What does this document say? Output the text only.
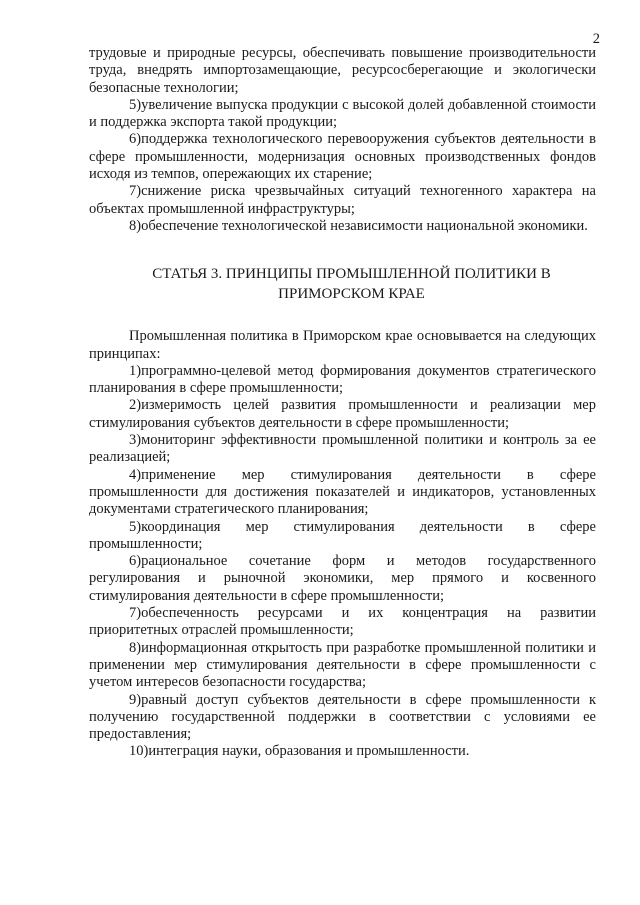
2

трудовые и природные ресурсы, обеспечивать повышение производительности труда, внедрять импортозамещающие, ресурсосберегающие и экологически безопасные технологии;

5)увеличение выпуска продукции с высокой долей добавленной стоимости и поддержка экспорта такой продукции;

6)поддержка технологического перевооружения субъектов деятельности в сфере промышленности, модернизация основных производственных фондов исходя из темпов, опережающих их старение;

7)снижение риска чрезвычайных ситуаций техногенного характера на объектах промышленной инфраструктуры;

8)обеспечение технологической независимости национальной экономики.

СТАТЬЯ 3. ПРИНЦИПЫ ПРОМЫШЛЕННОЙ ПОЛИТИКИ В
ПРИМОРСКОМ КРАЕ

Промышленная политика в Приморском крае основывается на следующих принципах:

1)программно-целевой метод формирования документов стратегического планирования в сфере промышленности;

2)измеримость целей развития промышленности и реализации мер стимулирования субъектов деятельности в сфере промышленности;

3)мониторинг эффективности промышленной политики и контроль за ее реализацией;

4)применение мер стимулирования деятельности в сфере промышленности для достижения показателей и индикаторов, установленных документами стратегического планирования;

5)координация мер стимулирования деятельности в сфере промышленности;

6)рациональное сочетание форм и методов государственного регулирования и рыночной экономики, мер прямого и косвенного стимулирования деятельности в сфере промышленности;

7)обеспеченность ресурсами и их концентрация на развитии приоритетных отраслей промышленности;

8)информационная открытость при разработке промышленной политики и применении мер стимулирования деятельности в сфере промышленности с учетом интересов безопасности государства;

9)равный доступ субъектов деятельности в сфере промышленности к получению государственной поддержки в соответствии с условиями ее предоставления;

10)интеграция науки, образования и промышленности.
